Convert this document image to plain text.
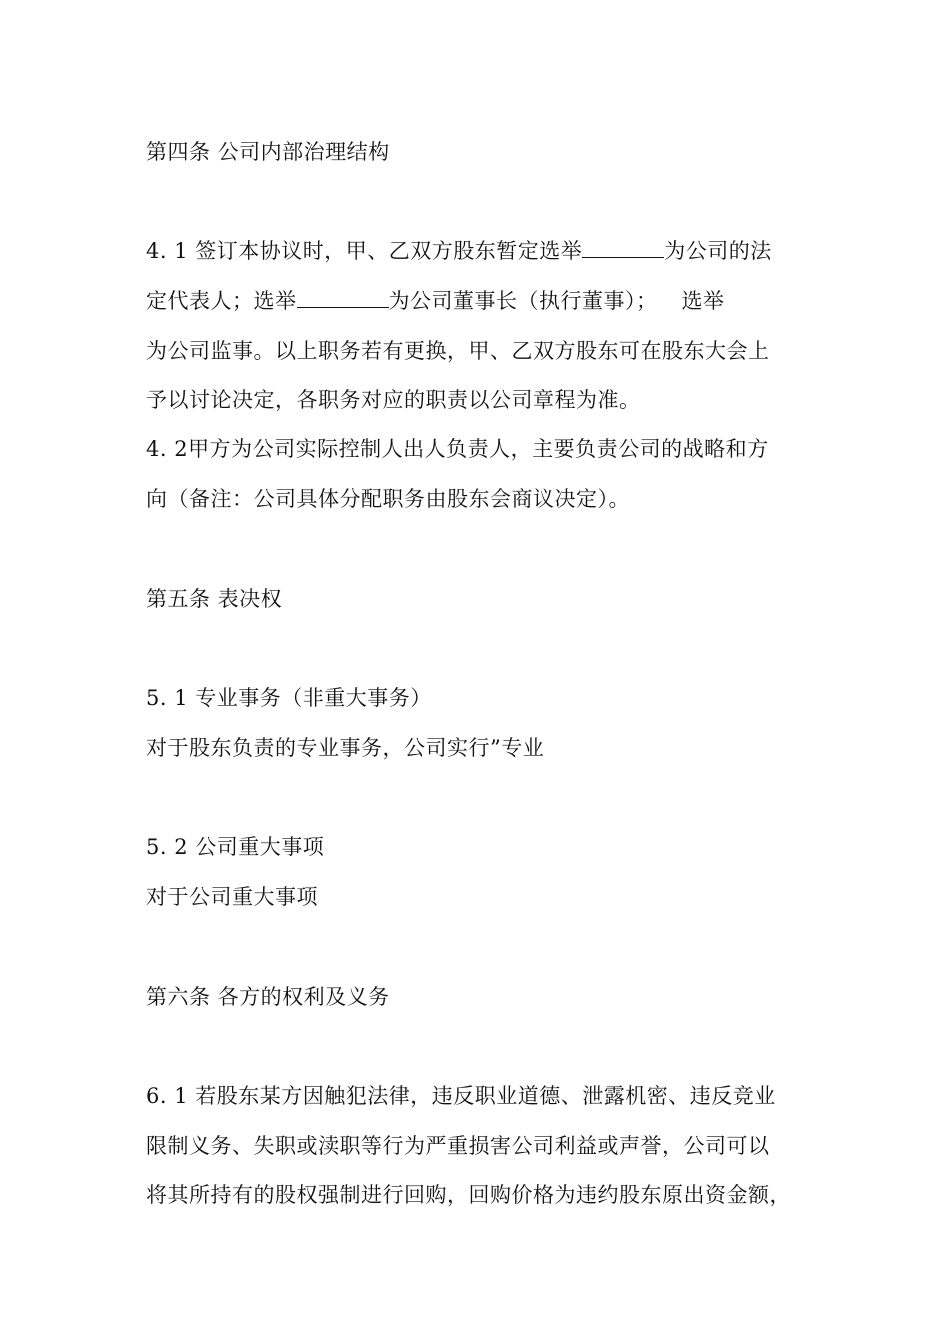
第四条 公司内部治理结构
4. 1 签订本协议时，甲、乙双方股东暂定选举	为公司的法
定代表人；选举	为公司董事长（执行董事）； 选举
为公司监事。以上职务若有更换，甲、乙双方股东可在股东大会上
予以讨论决定，各职务对应的职责以公司章程为准。
4. 2甲方为公司实际控制人出人负责人，主要负责公司的战略和方
向（备注：公司具体分配职务由股东会商议决定）。
第五条 表决权
5. 1 专业事务（非重大事务）
对于股东负责的专业事务，公司实行”专业
5. 2 公司重大事项
对于公司重大事项
第六条 各方的权利及义务
6. 1 若股东某方因触犯法律，违反职业道德、泄露机密、违反竞业
限制义务、失职或渎职等行为严重损害公司利益或声誉，公司可以
将其所持有的股权强制进行回购，回购价格为违约股东原出资金额，
